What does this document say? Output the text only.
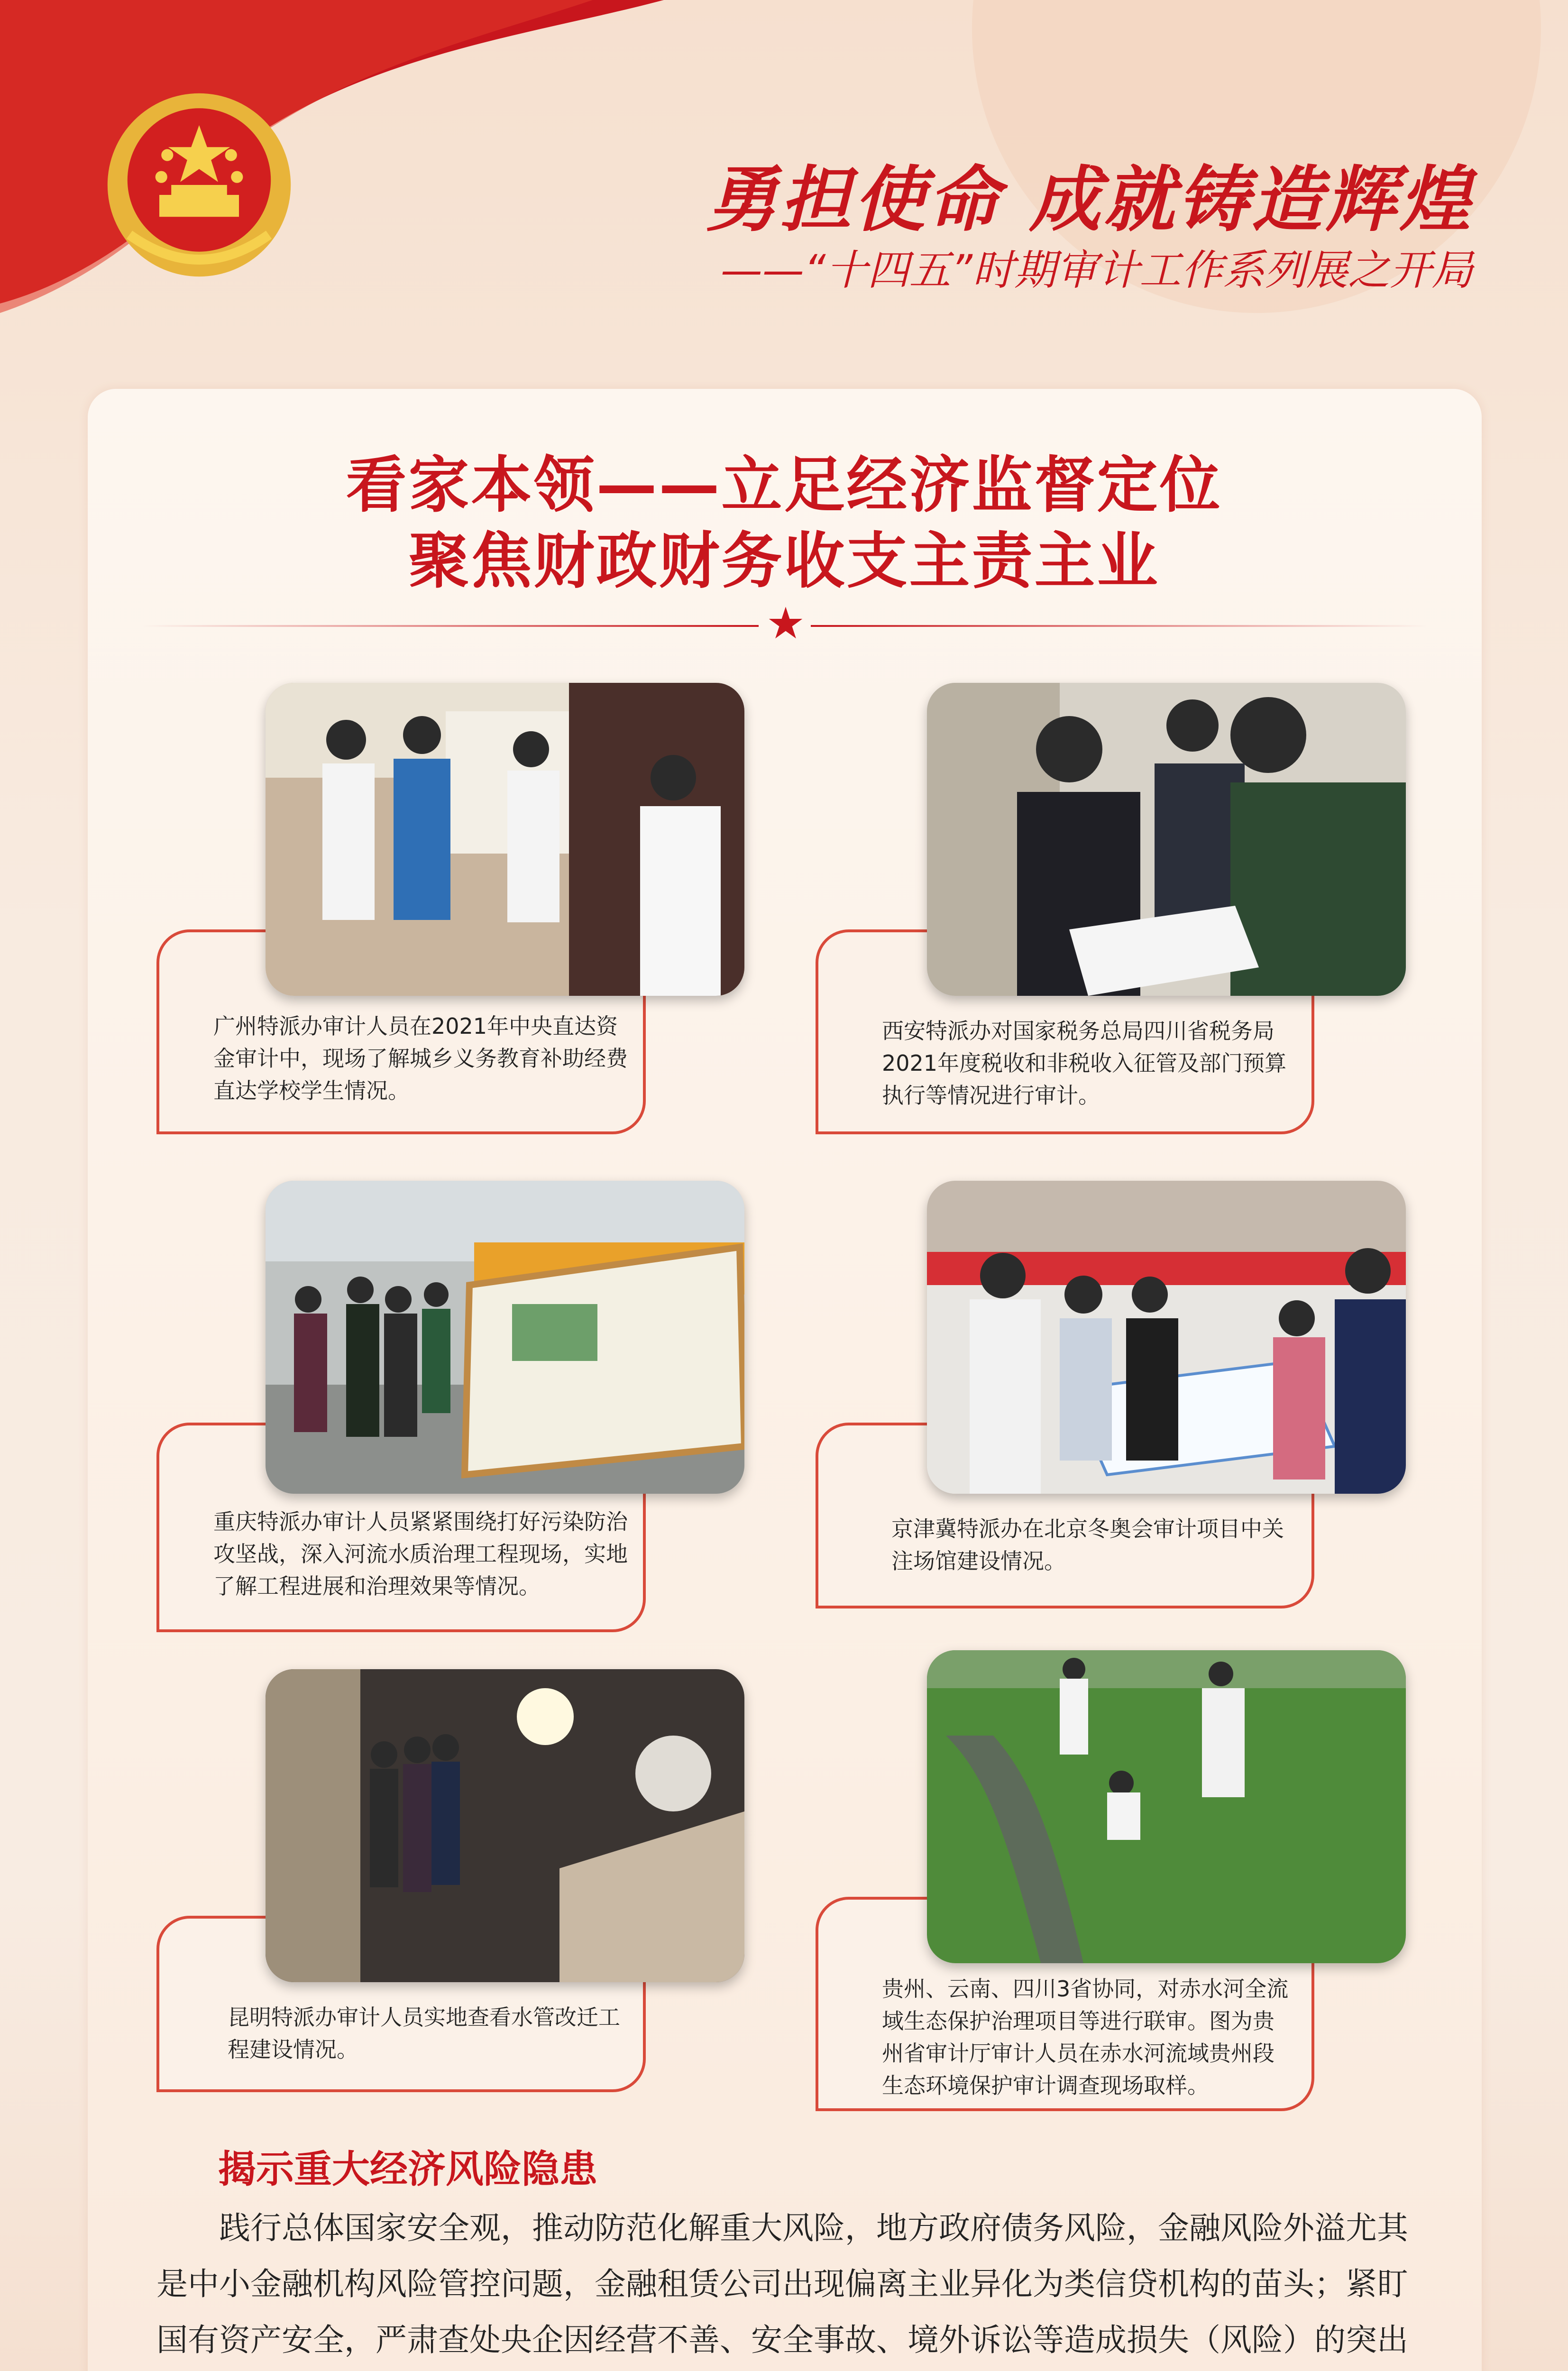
勇担使命 成就铸造辉煌
——“十四五”时期审计工作系列展之开局
看家本领——立足经济监督定位
聚焦财政财务收支主责主业
★
广州特派办审计人员在2021年中央直达资金审计中，现场了解城乡义务教育补助经费直达学校学生情况。
西安特派办对国家税务总局四川省税务局2021年度税收和非税收入征管及部门预算执行等情况进行审计。
重庆特派办审计人员紧紧围绕打好污染防治攻坚战，深入河流水质治理工程现场，实地了解工程进展和治理效果等情况。
京津冀特派办在北京冬奥会审计项目中关注场馆建设情况。
昆明特派办审计人员实地查看水管改迁工程建设情况。
贵州、云南、四川3省协同，对赤水河全流域生态保护治理项目等进行联审。图为贵州省审计厅审计人员在赤水河流域贵州段生态环境保护审计调查现场取样。
揭示重大经济风险隐患
践行总体国家安全观，推动防范化解重大风险，地方政府债务风险，金融风险外溢尤其是中小金融机构风险管控问题，金融租赁公司出现偏离主业异化为类信贷机构的苗头；紧盯国有资产安全，严肃查处央企因经营不善、安全事故、境外诉讼等造成损失（风险）的突出
